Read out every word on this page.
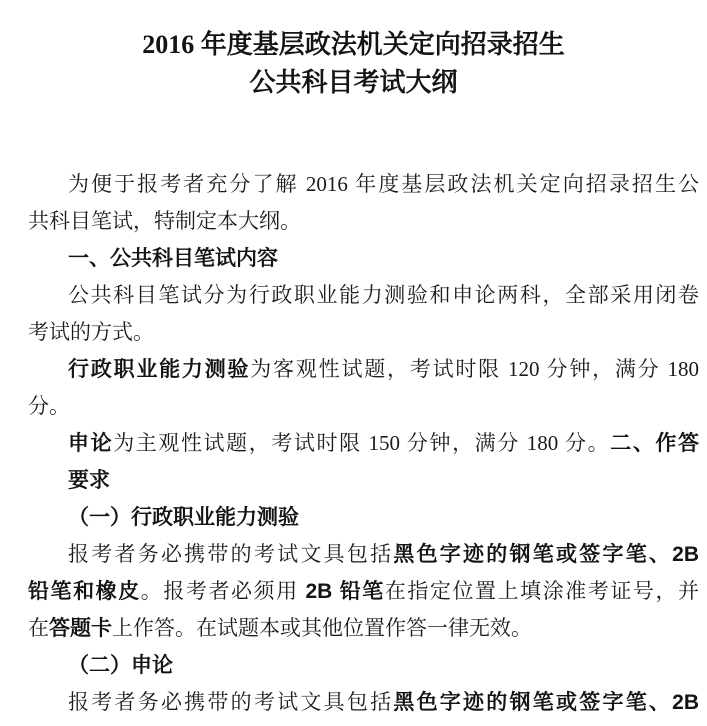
2016 年度基层政法机关定向招录招生
公共科目考试大纲
为便于报考者充分了解 2016 年度基层政法机关定向招录招生公
共科目笔试，特制定本大纲。
一、公共科目笔试内容
公共科目笔试分为行政职业能力测验和申论两科，全部采用闭卷
考试的方式。
行政职业能力测验为客观性试题，考试时限 120 分钟，满分 180
分。
申论为主观性试题，考试时限 150 分钟，满分 180 分。二、作答
要求
（一）行政职业能力测验
报考者务必携带的考试文具包括黑色字迹的钢笔或签字笔、2B
铅笔和橡皮。报考者必须用 2B 铅笔在指定位置上填涂准考证号，并
在答题卡上作答。在试题本或其他位置作答一律无效。
（二）申论
报考者务必携带的考试文具包括黑色字迹的钢笔或签字笔、2B
